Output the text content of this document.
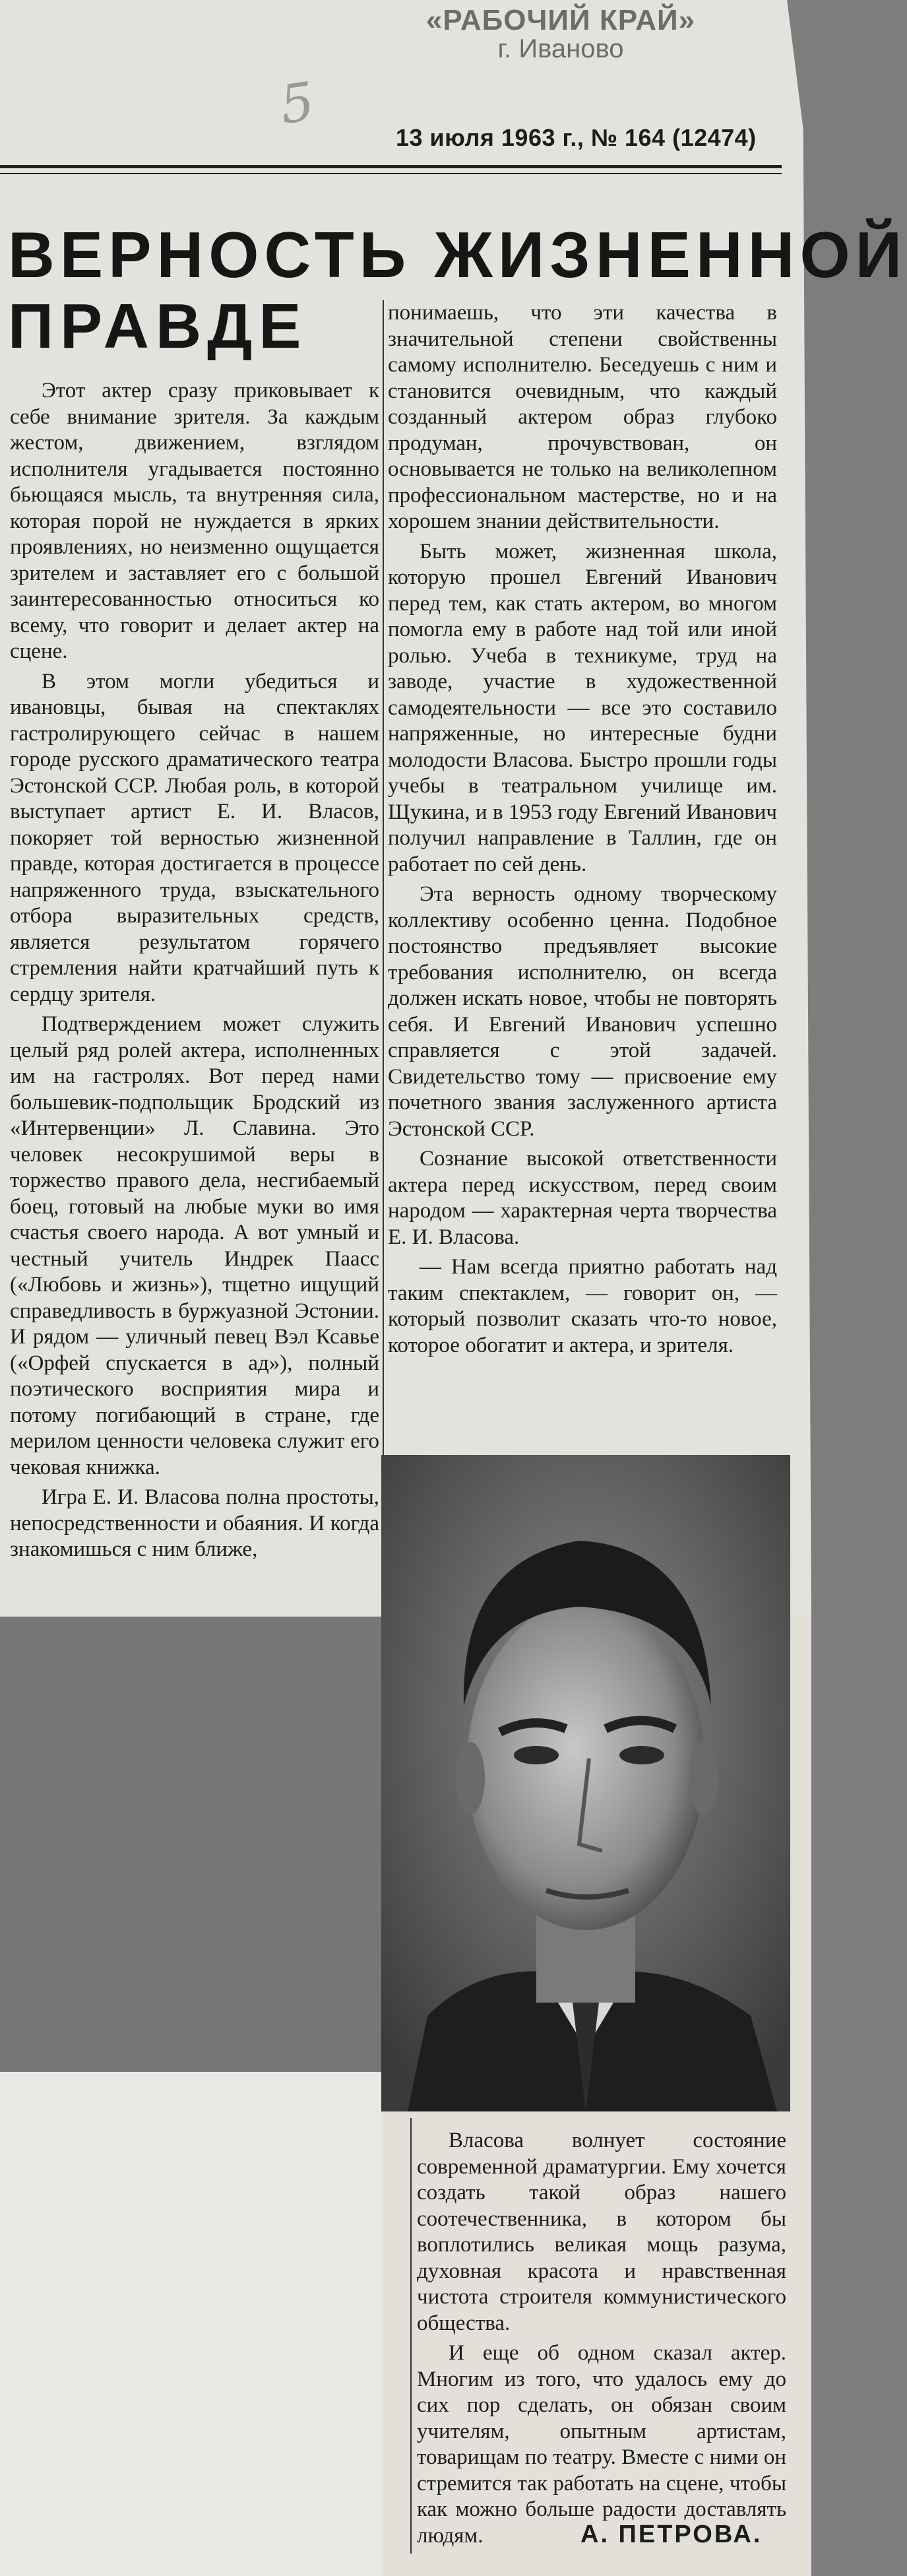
«РАБОЧИЙ КРАЙ»
г. Иваново
5
13 июля 1963 г., № 164 (12474)
ВЕРНОСТЬ ЖИЗНЕННОЙ
ПРАВДЕ

Этот актер сразу приковывает к себе внимание зрителя. За каждым жестом, движением, взглядом исполнителя угадывается постоянно бьющаяся мысль, та внутренняя сила, которая порой не нуждается в ярких проявлениях, но неизменно ощущается зрителем и заставляет его с большой заинтересованностью относиться ко всему, что говорит и делает актер на сцене.

В этом могли убедиться и ивановцы, бывая на спектаклях гастролирующего сейчас в нашем городе русского драматического театра Эстонской ССР. Любая роль, в которой выступает артист Е. И. Власов, покоряет той верностью жизненной правде, которая достигается в процессе напряженного труда, взыскательного отбора выразительных средств, является результатом горячего стремления найти кратчайший путь к сердцу зрителя.

Подтверждением может служить целый ряд ролей актера, исполненных им на гастролях. Вот перед нами большевик-подпольщик Бродский из «Интервенции» Л. Славина. Это человек несокрушимой веры в торжество правого дела, несгибаемый боец, готовый на любые муки во имя счастья своего народа. А вот умный и честный учитель Индрек Паасс («Любовь и жизнь»), тщетно ищущий справедливость в буржуазной Эстонии. И рядом — уличный певец Вэл Ксавье («Орфей спускается в ад»), полный поэтического восприятия мира и потому погибающий в стране, где мерилом ценности человека служит его чековая книжка.

Игра Е. И. Власова полна простоты, непосредственности и обаяния. И когда знакомишься с ним ближе,

понимаешь, что эти качества в значительной степени свойственны самому исполнителю. Беседуешь с ним и становится очевидным, что каждый созданный актером образ глубоко продуман, прочувствован, он основывается не только на великолепном профессиональном мастерстве, но и на хорошем знании действительности.

Быть может, жизненная школа, которую прошел Евгений Иванович перед тем, как стать актером, во многом помогла ему в работе над той или иной ролью. Учеба в техникуме, труд на заводе, участие в художественной самодеятельности — все это составило напряженные, но интересные будни молодости Власова. Быстро прошли годы учебы в театральном училище им. Щукина, и в 1953 году Евгений Иванович получил направление в Таллин, где он работает по сей день.

Эта верность одному творческому коллективу особенно ценна. Подобное постоянство предъявляет высокие требования исполнителю, он всегда должен искать новое, чтобы не повторять себя. И Евгений Иванович успешно справляется с этой задачей. Свидетельство тому — присвоение ему почетного звания заслуженного артиста Эстонской ССР.

Сознание высокой ответственности актера перед искусством, перед своим народом — характерная черта творчества Е. И. Власова.

— Нам всегда приятно работать над таким спектаклем, — говорит он, — который позволит сказать что-то новое, которое обогатит и актера, и зрителя.

Власова волнует состояние современной драматургии. Ему хочется создать такой образ нашего соотечественника, в котором бы воплотились великая мощь разума, духовная красота и нравственная чистота строителя коммунистического общества.

И еще об одном сказал актер. Многим из того, что удалось ему до сих пор сделать, он обязан своим учителям, опытным артистам, товарищам по театру. Вместе с ними он стремится так работать на сцене, чтобы как можно больше радости доставлять людям.	А. ПЕТРОВА.
